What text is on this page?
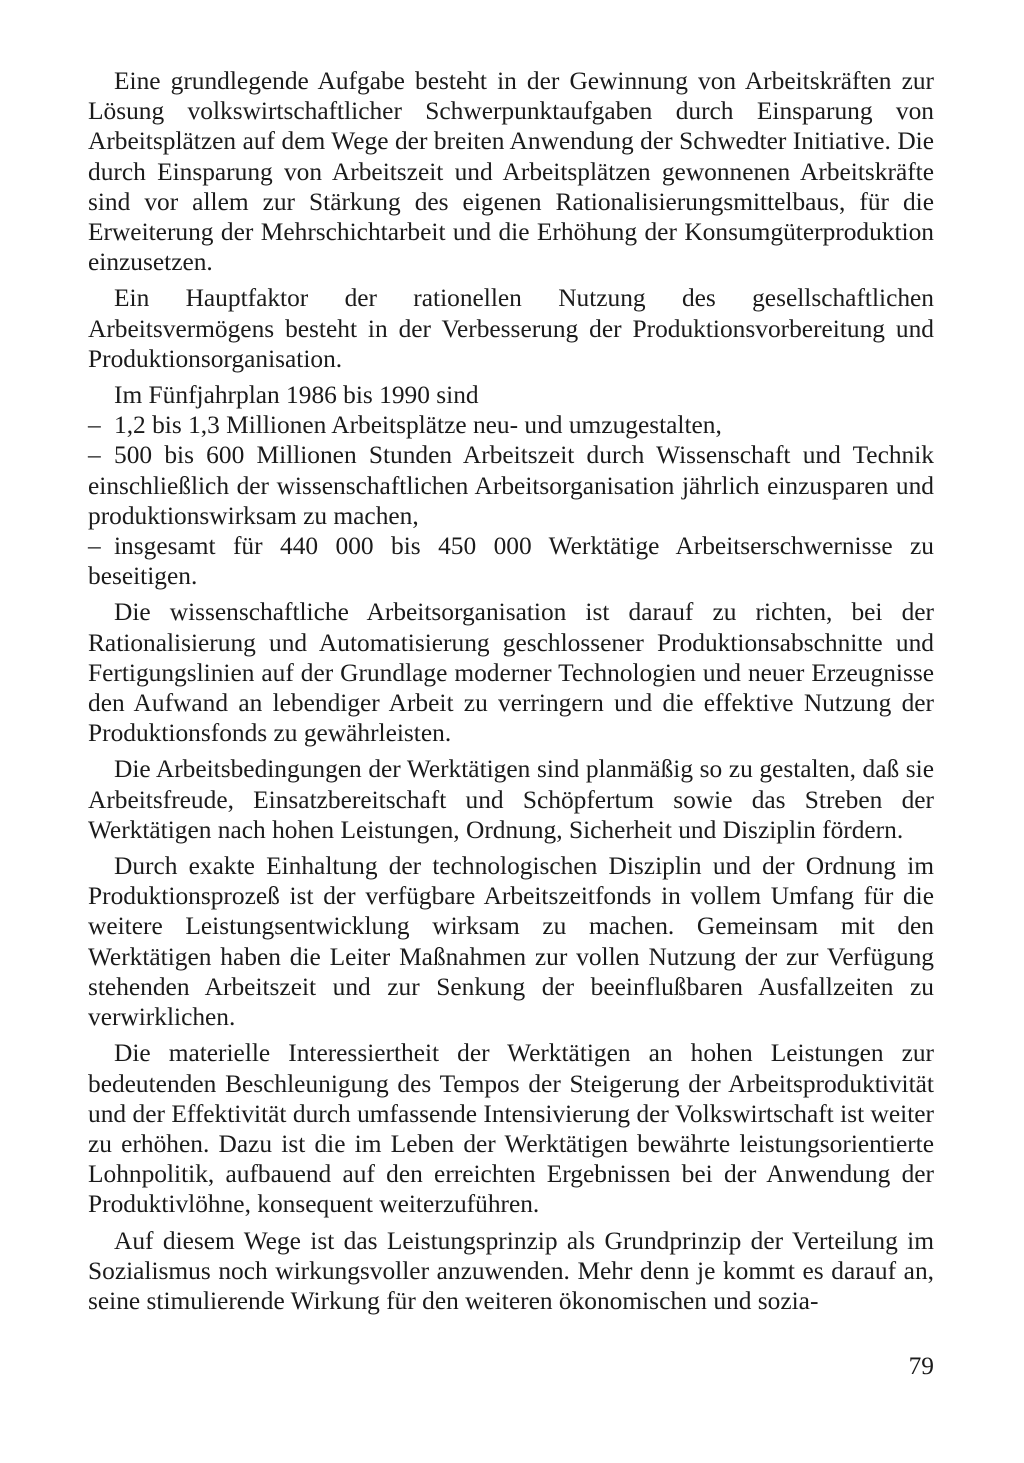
Eine grundlegende Aufgabe besteht in der Gewinnung von Arbeitskräften zur Lösung volkswirtschaftlicher Schwerpunktaufgaben durch Einsparung von Arbeitsplätzen auf dem Wege der breiten Anwendung der Schwedter Initiative. Die durch Einsparung von Arbeitszeit und Arbeitsplätzen gewonnenen Arbeitskräfte sind vor allem zur Stärkung des eigenen Rationalisierungsmittelbaus, für die Erweiterung der Mehrschichtarbeit und die Erhöhung der Konsumgüterproduktion einzusetzen.

Ein Hauptfaktor der rationellen Nutzung des gesellschaftlichen Arbeitsvermögens besteht in der Verbesserung der Produktionsvorbereitung und Produktionsorganisation.

Im Fünfjahrplan 1986 bis 1990 sind

– 1,2 bis 1,3 Millionen Arbeitsplätze neu- und umzugestalten,

– 500 bis 600 Millionen Stunden Arbeitszeit durch Wissenschaft und Technik einschließlich der wissenschaftlichen Arbeitsorganisation jährlich einzusparen und produktionswirksam zu machen,

– insgesamt für 440 000 bis 450 000 Werktätige Arbeitserschwernisse zu beseitigen.

Die wissenschaftliche Arbeitsorganisation ist darauf zu richten, bei der Rationalisierung und Automatisierung geschlossener Produktionsabschnitte und Fertigungslinien auf der Grundlage moderner Technologien und neuer Erzeugnisse den Aufwand an lebendiger Arbeit zu verringern und die effektive Nutzung der Produktionsfonds zu gewährleisten.

Die Arbeitsbedingungen der Werktätigen sind planmäßig so zu gestalten, daß sie Arbeitsfreude, Einsatzbereitschaft und Schöpfertum sowie das Streben der Werktätigen nach hohen Leistungen, Ordnung, Sicherheit und Disziplin fördern.

Durch exakte Einhaltung der technologischen Disziplin und der Ordnung im Produktionsprozeß ist der verfügbare Arbeitszeitfonds in vollem Umfang für die weitere Leistungsentwicklung wirksam zu machen. Gemeinsam mit den Werktätigen haben die Leiter Maßnahmen zur vollen Nutzung der zur Verfügung stehenden Arbeitszeit und zur Senkung der beeinflußbaren Ausfallzeiten zu verwirklichen.

Die materielle Interessiertheit der Werktätigen an hohen Leistungen zur bedeutenden Beschleunigung des Tempos der Steigerung der Arbeitsproduktivität und der Effektivität durch umfassende Intensivierung der Volkswirtschaft ist weiter zu erhöhen. Dazu ist die im Leben der Werktätigen bewährte leistungsorientierte Lohnpolitik, aufbauend auf den erreichten Ergebnissen bei der Anwendung der Produktivlöhne, konsequent weiterzuführen.

Auf diesem Wege ist das Leistungsprinzip als Grundprinzip der Verteilung im Sozialismus noch wirkungsvoller anzuwenden. Mehr denn je kommt es darauf an, seine stimulierende Wirkung für den weiteren ökonomischen und sozia-

79
